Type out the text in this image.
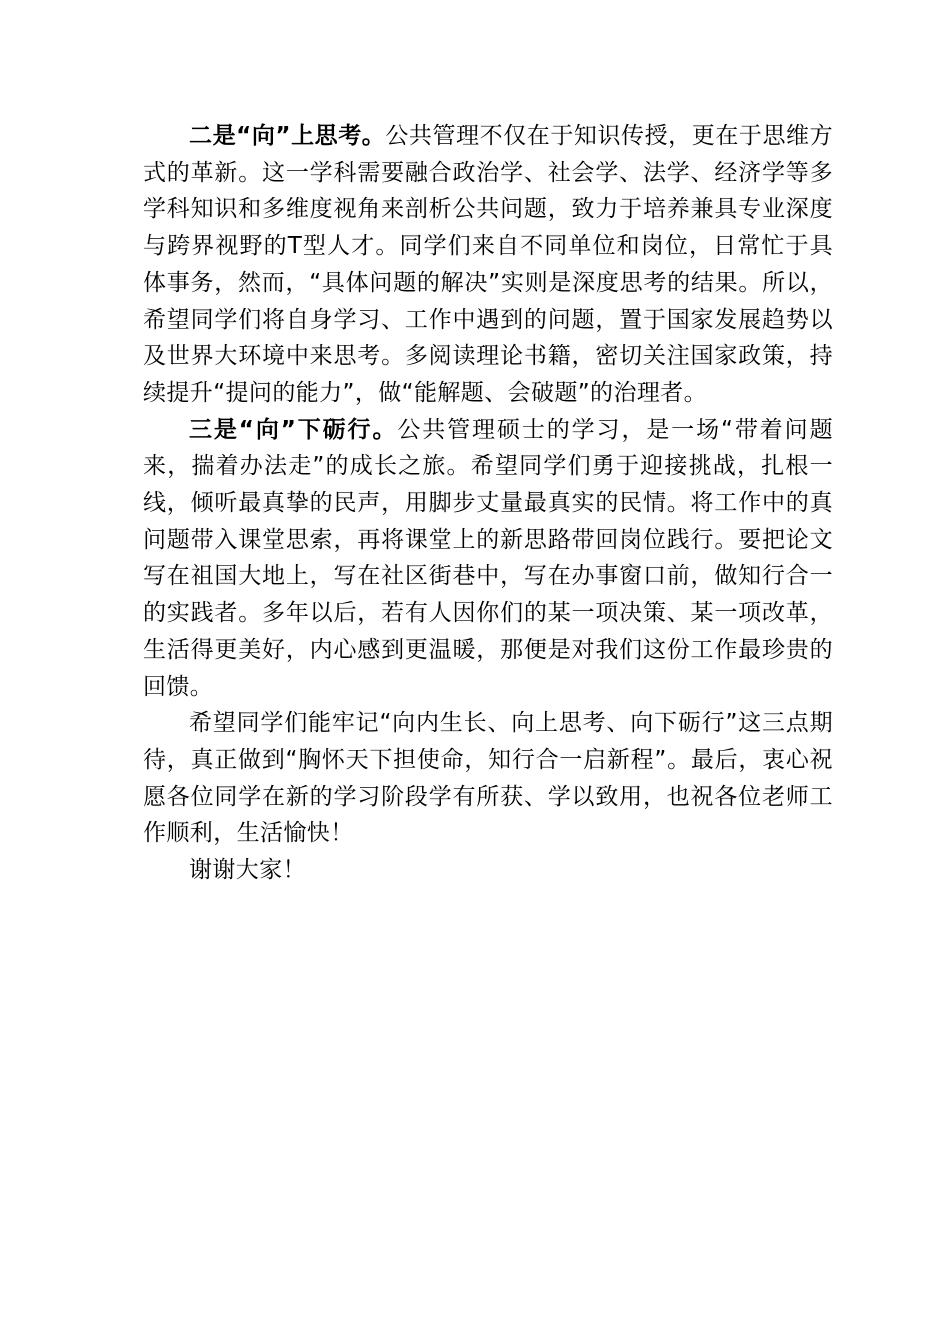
二是“向”上思考。公共管理不仅在于知识传授，更在于思维方式的革新。这一学科需要融合政治学、社会学、法学、经济学等多学科知识和多维度视角来剖析公共问题，致力于培养兼具专业深度与跨界视野的T型人才。同学们来自不同单位和岗位，日常忙于具体事务，然而，“具体问题的解决”实则是深度思考的结果。所以，希望同学们将自身学习、工作中遇到的问题，置于国家发展趋势以及世界大环境中来思考。多阅读理论书籍，密切关注国家政策，持续提升“提问的能力”，做“能解题、会破题”的治理者。

三是“向”下砺行。公共管理硕士的学习，是一场“带着问题来，揣着办法走”的成长之旅。希望同学们勇于迎接挑战，扎根一线，倾听最真挚的民声，用脚步丈量最真实的民情。将工作中的真问题带入课堂思索，再将课堂上的新思路带回岗位践行。要把论文写在祖国大地上，写在社区街巷中，写在办事窗口前，做知行合一的实践者。多年以后，若有人因你们的某一项决策、某一项改革，生活得更美好，内心感到更温暖，那便是对我们这份工作最珍贵的回馈。

希望同学们能牢记“向内生长、向上思考、向下砺行”这三点期待，真正做到“胸怀天下担使命，知行合一启新程”。最后，衷心祝愿各位同学在新的学习阶段学有所获、学以致用，也祝各位老师工作顺利，生活愉快！

谢谢大家！
